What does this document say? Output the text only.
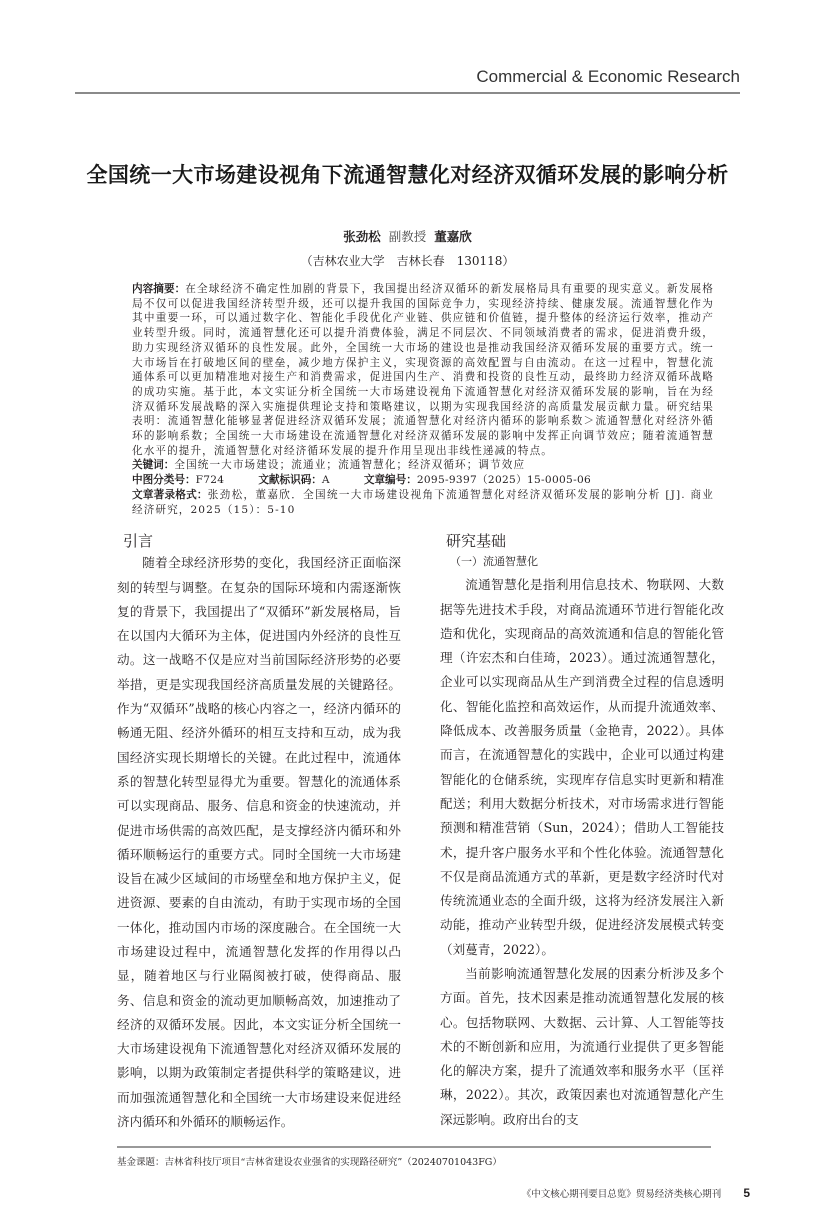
Commercial & Economic Research
全国统一大市场建设视角下流通智慧化对经济双循环发展的影响分析
张劲松 副教授 董嘉欣
（吉林农业大学　吉林长春　130118）

内容摘要：在全球经济不确定性加剧的背景下，我国提出经济双循环的新发展格局具有重要的现实意义。新发展格局不仅可以促进我国经济转型升级，还可以提升我国的国际竞争力，实现经济持续、健康发展。流通智慧化作为其中重要一环，可以通过数字化、智能化手段优化产业链、供应链和价值链，提升整体的经济运行效率，推动产业转型升级。同时，流通智慧化还可以提升消费体验，满足不同层次、不同领域消费者的需求，促进消费升级，助力实现经济双循环的良性发展。此外，全国统一大市场的建设也是推动我国经济双循环发展的重要方式。统一大市场旨在打破地区间的壁垒，减少地方保护主义，实现资源的高效配置与自由流动。在这一过程中，智慧化流通体系可以更加精准地对接生产和消费需求，促进国内生产、消费和投资的良性互动，最终助力经济双循环战略的成功实施。基于此，本文实证分析全国统一大市场建设视角下流通智慧化对经济双循环发展的影响，旨在为经济双循环发展战略的深入实施提供理论支持和策略建议，以期为实现我国经济的高质量发展贡献力量。研究结果表明：流通智慧化能够显著促进经济双循环发展；流通智慧化对经济内循环的影响系数＞流通智慧化对经济外循环的影响系数；全国统一大市场建设在流通智慧化对经济双循环发展的影响中发挥正向调节效应；随着流通智慧化水平的提升，流通智慧化对经济循环发展的提升作用呈现出非线性递减的特点。

关键词：全国统一大市场建设；流通业；流通智慧化；经济双循环；调节效应

中图分类号：F724	文献标识码：A	文章编号：2095-9397（2025）15-0005-06

文章著录格式：张劲松，董嘉欣．全国统一大市场建设视角下流通智慧化对经济双循环发展的影响分析 [J]. 商业经济研究，2025（15）：5-10

引言

随着全球经济形势的变化，我国经济正面临深刻的转型与调整。在复杂的国际环境和内需逐渐恢复的背景下，我国提出了“双循环”新发展格局，旨在以国内大循环为主体，促进国内外经济的良性互动。这一战略不仅是应对当前国际经济形势的必要举措，更是实现我国经济高质量发展的关键路径。作为“双循环”战略的核心内容之一，经济内循环的畅通无阻、经济外循环的相互支持和互动，成为我国经济实现长期增长的关键。在此过程中，流通体系的智慧化转型显得尤为重要。智慧化的流通体系可以实现商品、服务、信息和资金的快速流动，并促进市场供需的高效匹配，是支撑经济内循环和外循环顺畅运行的重要方式。同时全国统一大市场建设旨在减少区域间的市场壁垒和地方保护主义，促进资源、要素的自由流动，有助于实现市场的全国一体化，推动国内市场的深度融合。在全国统一大市场建设过程中，流通智慧化发挥的作用得以凸显，随着地区与行业隔阂被打破，使得商品、服务、信息和资金的流动更加顺畅高效，加速推动了经济的双循环发展。因此，本文实证分析全国统一大市场建设视角下流通智慧化对经济双循环发展的影响，以期为政策制定者提供科学的策略建议，进而加强流通智慧化和全国统一大市场建设来促进经济内循环和外循环的顺畅运作。

研究基础
（一）流通智慧化

流通智慧化是指利用信息技术、物联网、大数据等先进技术手段，对商品流通环节进行智能化改造和优化，实现商品的高效流通和信息的智能化管理（许宏杰和白佳琦，2023）。通过流通智慧化，企业可以实现商品从生产到消费全过程的信息透明化、智能化监控和高效运作，从而提升流通效率、降低成本、改善服务质量（金艳青，2022）。具体而言，在流通智慧化的实践中，企业可以通过构建智能化的仓储系统，实现库存信息实时更新和精准配送；利用大数据分析技术，对市场需求进行智能预测和精准营销（Sun，2024）；借助人工智能技术，提升客户服务水平和个性化体验。流通智慧化不仅是商品流通方式的革新，更是数字经济时代对传统流通业态的全面升级，这将为经济发展注入新动能，推动产业转型升级，促进经济发展模式转变（刘蔓青，2022）。

当前影响流通智慧化发展的因素分析涉及多个方面。首先，技术因素是推动流通智慧化发展的核心。包括物联网、大数据、云计算、人工智能等技术的不断创新和应用，为流通行业提供了更多智能化的解决方案，提升了流通效率和服务水平（匡祥琳，2022）。其次，政策因素也对流通智慧化产生深远影响。政府出台的支

基金课题：吉林省科技厅项目“吉林省建设农业强省的实现路径研究”（20240701043FG）
《中文核心期刊要目总览》贸易经济类核心期刊 5
